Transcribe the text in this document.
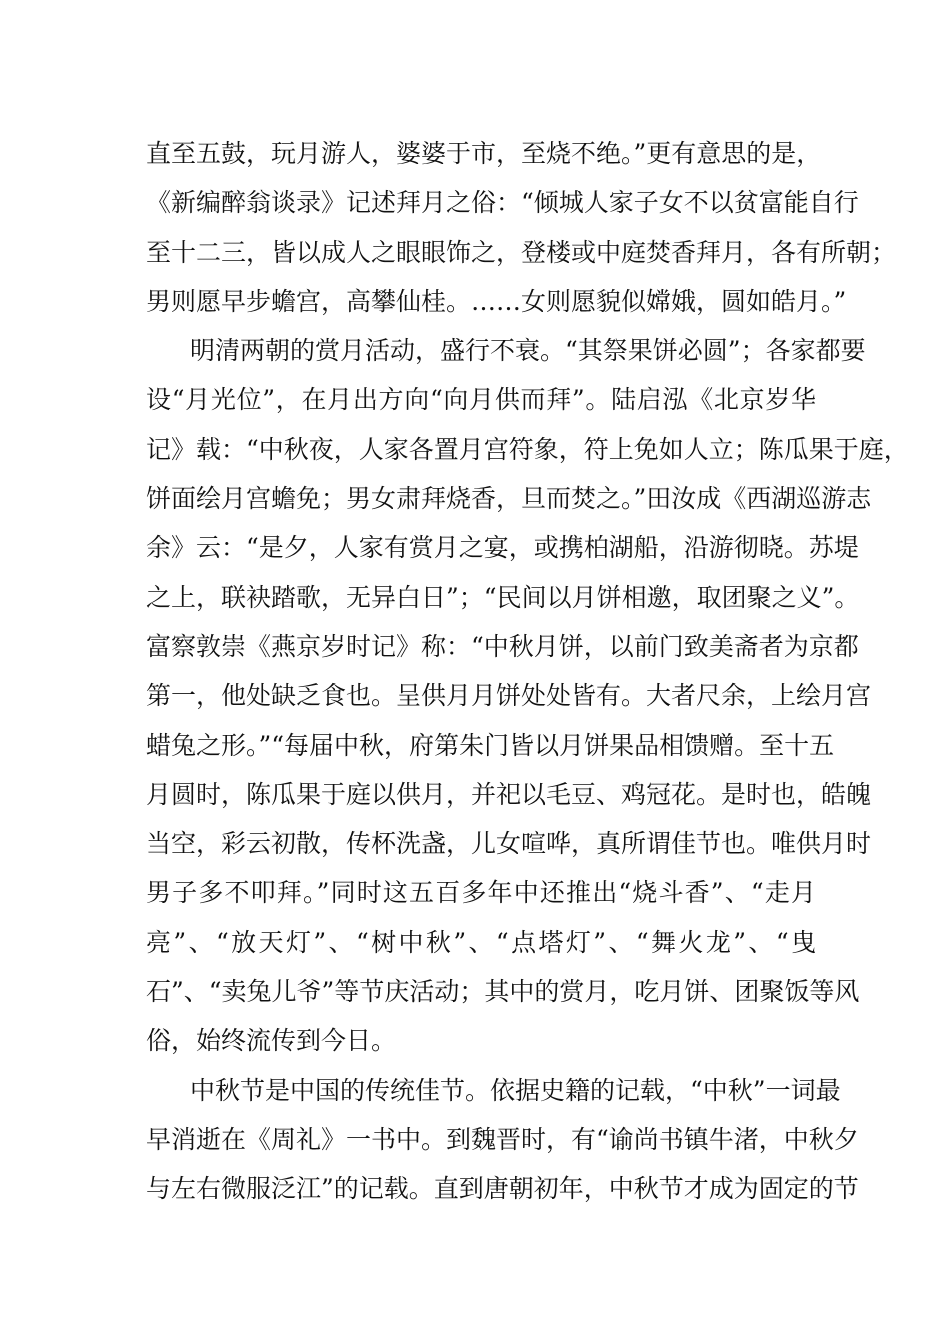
直至五鼓，玩月游人，婆婆于市，至烧不绝。”更有意思的是，
《新编醉翁谈录》记述拜月之俗：“倾城人家子女不以贫富能自行
至十二三，皆以成人之眼眼饰之，登楼或中庭焚香拜月，各有所朝；
男则愿早步蟾宫，高攀仙桂。……女则愿貌似嫦娥，圆如皓月。”
明清两朝的赏月活动，盛行不衰。“其祭果饼必圆”；各家都要
设“月光位”，在月出方向“向月供而拜”。陆启泓《北京岁华
记》载：“中秋夜，人家各置月宫符象，符上免如人立；陈瓜果于庭，
饼面绘月宫蟾免；男女肃拜烧香，旦而焚之。”田汝成《西湖巡游志
余》云：“是夕，人家有赏月之宴，或携柏湖船，沿游彻晓。苏堤
之上，联袂踏歌，无异白日”；“民间以月饼相邀，取团聚之义”。
富察敦崇《燕京岁时记》称：“中秋月饼，以前门致美斋者为京都
第一，他处缺乏食也。呈供月月饼处处皆有。大者尺余，上绘月宫
蜡兔之形。”“每届中秋，府第朱门皆以月饼果品相馈赠。至十五
月圆时，陈瓜果于庭以供月，并祀以毛豆、鸡冠花。是时也，皓魄
当空，彩云初散，传杯洗盏，儿女喧哗，真所谓佳节也。唯供月时
男子多不叩拜。”同时这五百多年中还推出“烧斗香”、“走月
亮”、“放天灯”、“树中秋”、“点塔灯”、“舞火龙”、“曳
石”、“卖兔儿爷”等节庆活动；其中的赏月，吃月饼、团聚饭等风
俗，始终流传到今日。
中秋节是中国的传统佳节。依据史籍的记载，“中秋”一词最
早消逝在《周礼》一书中。到魏晋时，有“谕尚书镇牛渚，中秋夕
与左右微服泛江”的记载。直到唐朝初年，中秋节才成为固定的节
